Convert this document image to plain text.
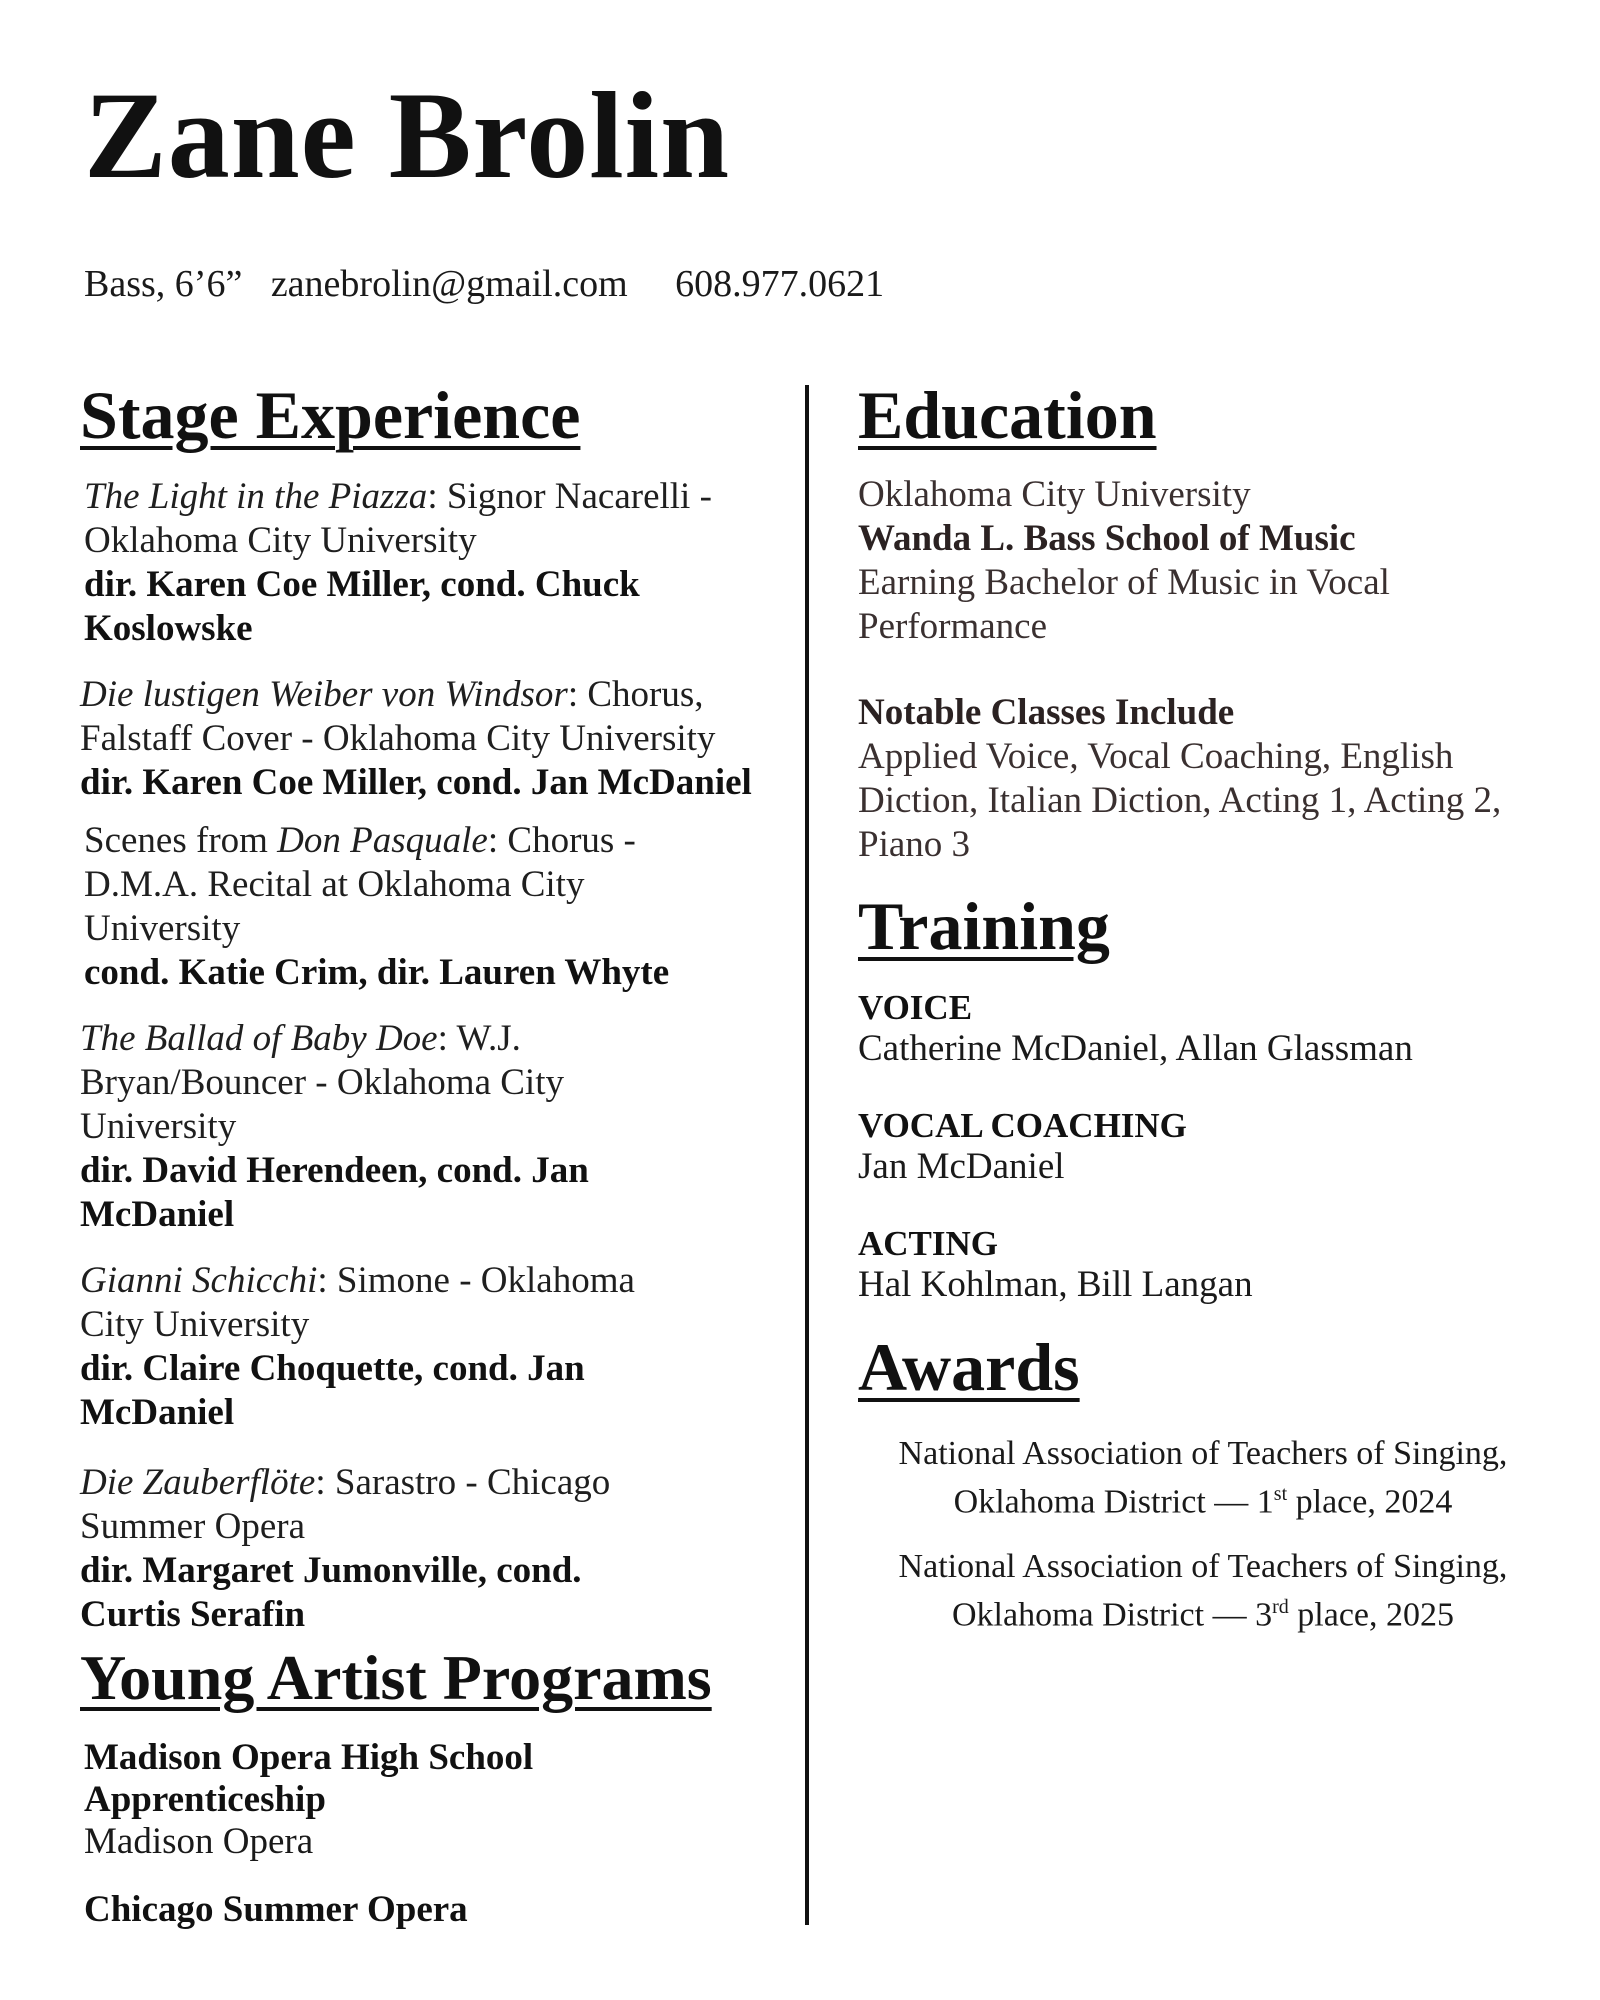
Zane Brolin
Bass, 6’6” zanebrolin@gmail.com 608.977.0621
Stage Experience
The Light in the Piazza: Signor Nacarelli - Oklahoma City University
dir. Karen Coe Miller, cond. Chuck Koslowske
Die lustigen Weiber von Windsor: Chorus, Falstaff Cover - Oklahoma City University
dir. Karen Coe Miller, cond. Jan McDaniel
Scenes from Don Pasquale: Chorus - D.M.A. Recital at Oklahoma City University
cond. Katie Crim, dir. Lauren Whyte
The Ballad of Baby Doe: W.J. Bryan/Bouncer - Oklahoma City University
dir. David Herendeen, cond. Jan McDaniel
Gianni Schicchi: Simone - Oklahoma City University
dir. Claire Choquette, cond. Jan McDaniel
Die Zauberflöte: Sarastro - Chicago Summer Opera
dir. Margaret Jumonville, cond. Curtis Serafin
Young Artist Programs
Madison Opera High School Apprenticeship
Madison Opera
Chicago Summer Opera
Education
Oklahoma City University
Wanda L. Bass School of Music
Earning Bachelor of Music in Vocal Performance
Notable Classes Include
Applied Voice, Vocal Coaching, English Diction, Italian Diction, Acting 1, Acting 2, Piano 3
Training
VOICE
Catherine McDaniel, Allan Glassman
VOCAL COACHING
Jan McDaniel
ACTING
Hal Kohlman, Bill Langan
Awards
National Association of Teachers of Singing,
Oklahoma District — 1st place, 2024
National Association of Teachers of Singing,
Oklahoma District — 3rd place, 2025
